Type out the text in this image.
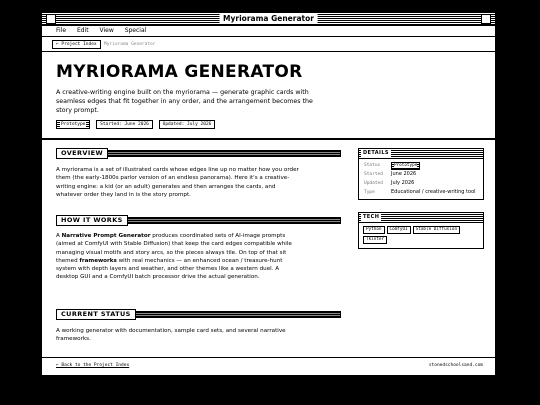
Myriorama Generator
File Edit View Special
← Project Index	Myriorama Generator
MYRIORAMA GENERATOR

A creative-writing engine built on the myriorama — generate graphic cards with seamless edges that fit together in any order, and the arrangement becomes the story prompt.

Prototype	Started: June 2026	Updated: July 2026
OVERVIEW

A myriorama is a set of illustrated cards whose edges line up no matter how you order them (the early-1800s parlor version of an endless panorama). Here it's a creative-writing engine: a kid (or an adult) generates and then arranges the cards, and whatever order they land in is the story prompt.

HOW IT WORKS

A Narrative Prompt Generator produces coordinated sets of AI-image prompts (aimed at ComfyUI with Stable Diffusion) that keep the card edges compatible while managing visual motifs and story arcs, so the pieces always tile. On top of that sit themed frameworks with real mechanics — an enhanced ocean / treasure-hunt system with depth layers and weather, and other themes like a western duel. A desktop GUI and a ComfyUI batch processor drive the actual generation.

CURRENT STATUS

A working generator with documentation, sample card sets, and several narrative frameworks.

DETAILS
Status	Prototype
Started June 2026
Updated July 2026
Type	Educational / creative-writing tool
TECH
Python ComfyUI Stable Diffusion
Tkinter
← Back to the Project Index	stonedschoolsand.com
